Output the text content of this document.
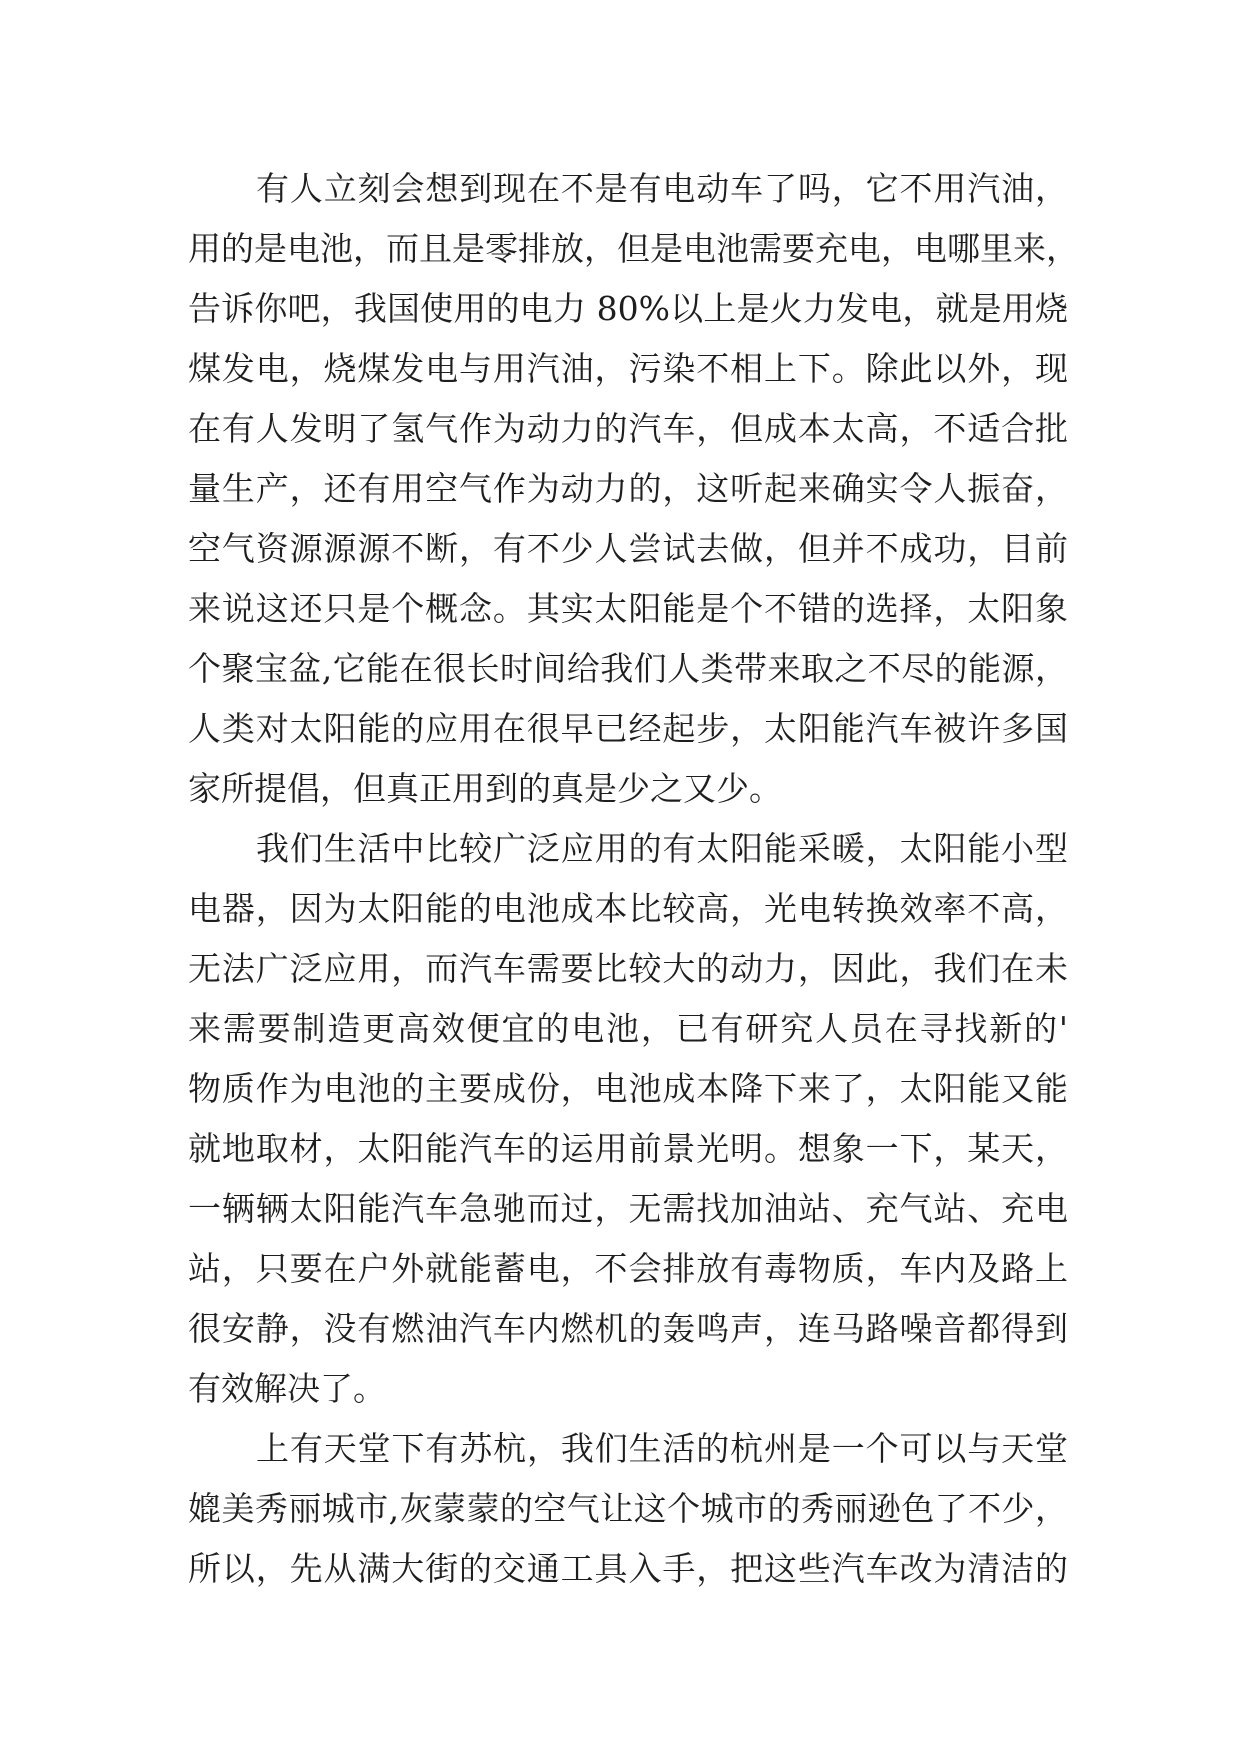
有人立刻会想到现在不是有电动车了吗，它不用汽油，
用的是电池，而且是零排放，但是电池需要充电，电哪里来，
告诉你吧，我国使用的电力 80%以上是火力发电，就是用烧
煤发电，烧煤发电与用汽油，污染不相上下。除此以外，现
在有人发明了氢气作为动力的汽车，但成本太高，不适合批
量生产，还有用空气作为动力的，这听起来确实令人振奋，
空气资源源源不断，有不少人尝试去做，但并不成功，目前
来说这还只是个概念。其实太阳能是个不错的选择，太阳象
个聚宝盆,它能在很长时间给我们人类带来取之不尽的能源，
人类对太阳能的应用在很早已经起步，太阳能汽车被许多国
家所提倡，但真正用到的真是少之又少。
我们生活中比较广泛应用的有太阳能采暖，太阳能小型
电器，因为太阳能的电池成本比较高，光电转换效率不高，
无法广泛应用，而汽车需要比较大的动力，因此，我们在未
来需要制造更高效便宜的电池，已有研究人员在寻找新的'
物质作为电池的主要成份，电池成本降下来了，太阳能又能
就地取材，太阳能汽车的运用前景光明。想象一下，某天，
一辆辆太阳能汽车急驰而过，无需找加油站、充气站、充电
站，只要在户外就能蓄电，不会排放有毒物质，车内及路上
很安静，没有燃油汽车内燃机的轰鸣声，连马路噪音都得到
有效解决了。
上有天堂下有苏杭，我们生活的杭州是一个可以与天堂
媲美秀丽城市,灰蒙蒙的空气让这个城市的秀丽逊色了不少，
所以，先从满大街的交通工具入手，把这些汽车改为清洁的
